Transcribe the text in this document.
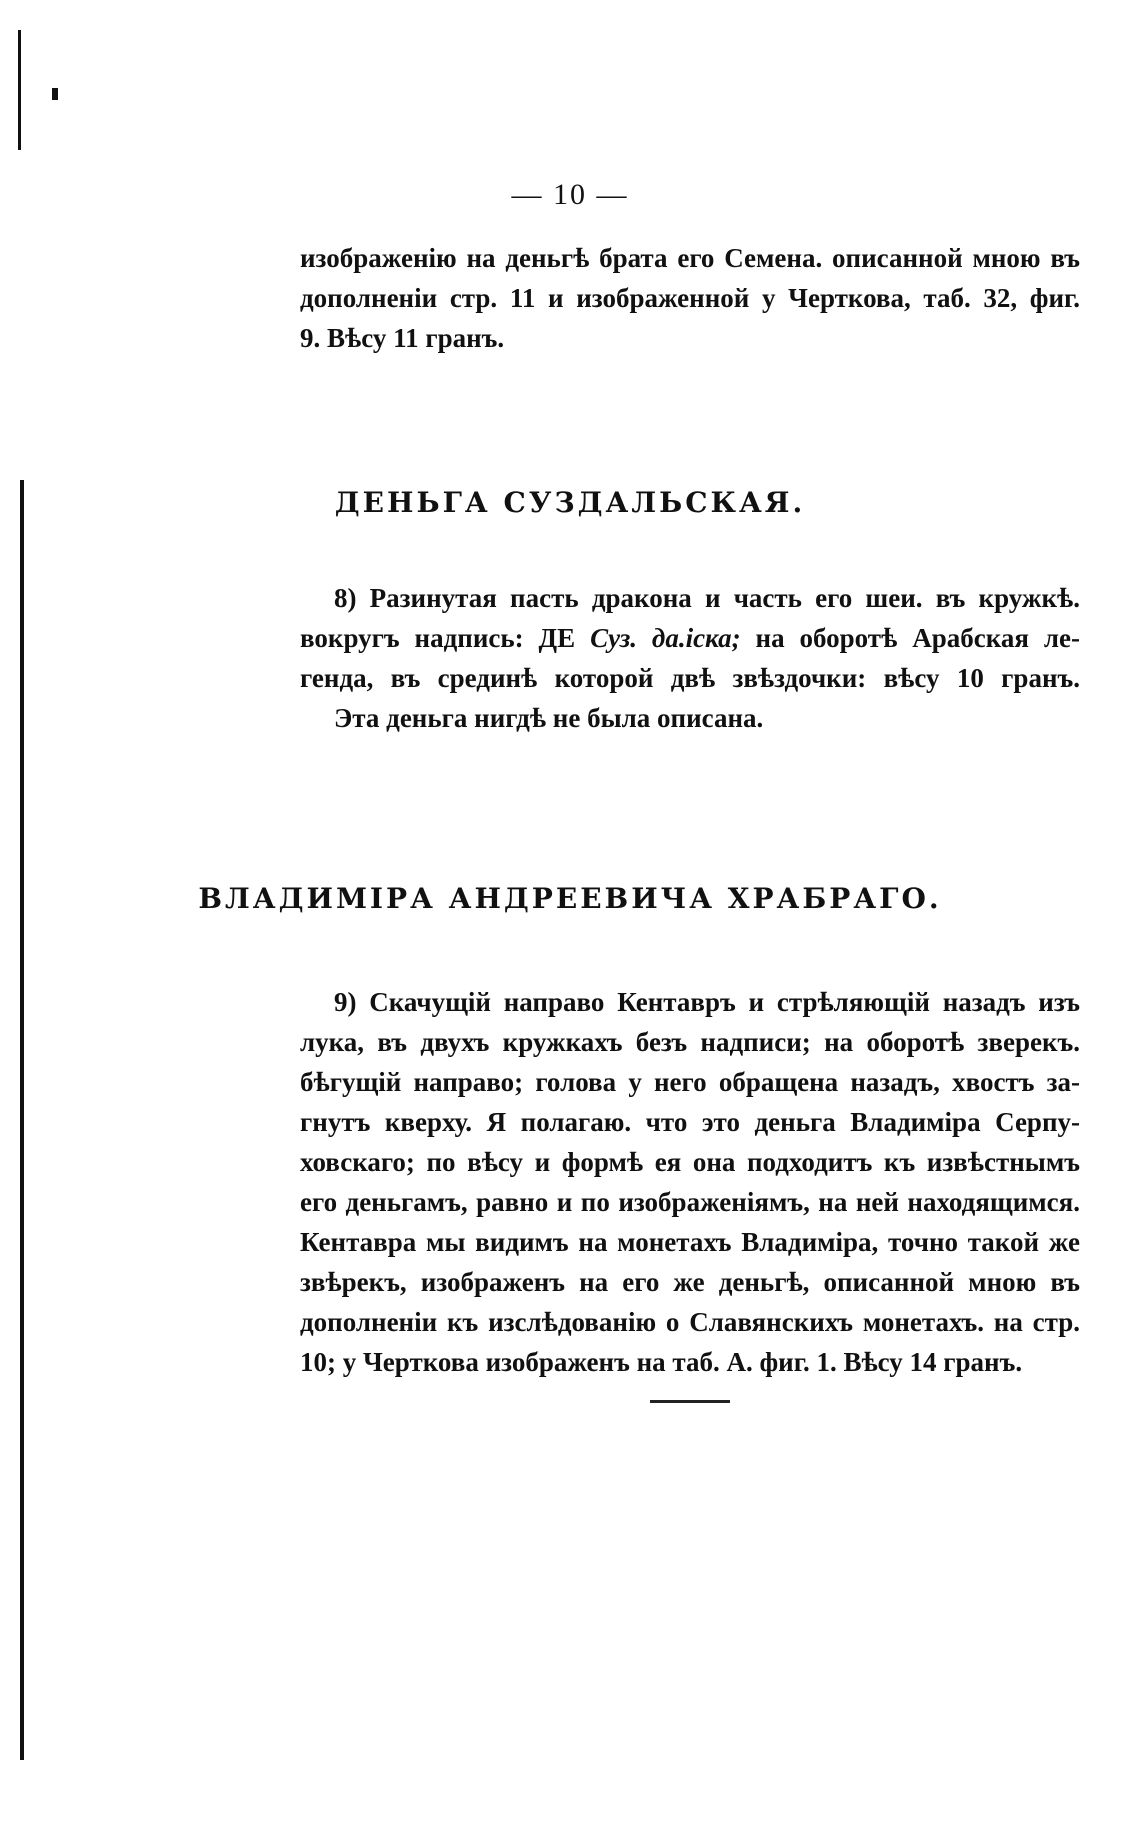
— 10 —
изображенію на деньгѣ брата его Семена. описанной мною въ
дополненіи стр. 11 и изображенной у Черткова, таб. 32, фиг.
9. Вѣсу 11 гранъ.
ДЕНЬГА СУЗДАЛЬСКАЯ.
8) Разинутая пасть дракона и часть его шеи. въ кружкѣ.
вокругъ надпись: ДЕ Суз. да.іска; на оборотѣ Арабская ле-
генда, въ срединѣ которой двѣ звѣздочки: вѣсу 10 гранъ.
Эта деньга нигдѣ не была описана.
ВЛАДИМІРА АНДРЕЕВИЧА ХРАБРАГО.
9) Скачущій направо Кентавръ и стрѣляющій назадъ изъ
лука, въ двухъ кружкахъ безъ надписи; на оборотѣ зверекъ.
бѣгущій направо; голова у него обращена назадъ, хвостъ за-
гнутъ кверху. Я полагаю. что это деньга Владиміра Серпу-
ховскаго; по вѣсу и формѣ ея она подходитъ къ извѣстнымъ
его деньгамъ, равно и по изображеніямъ, на ней находящимся.
Кентавра мы видимъ на монетахъ Владиміра, точно такой же
звѣрекъ, изображенъ на его же деньгѣ, описанной мною въ
дополненіи къ изслѣдованію о Славянскихъ монетахъ. на стр.
10; у Черткова изображенъ на таб. А. фиг. 1. Вѣсу 14 гранъ.
